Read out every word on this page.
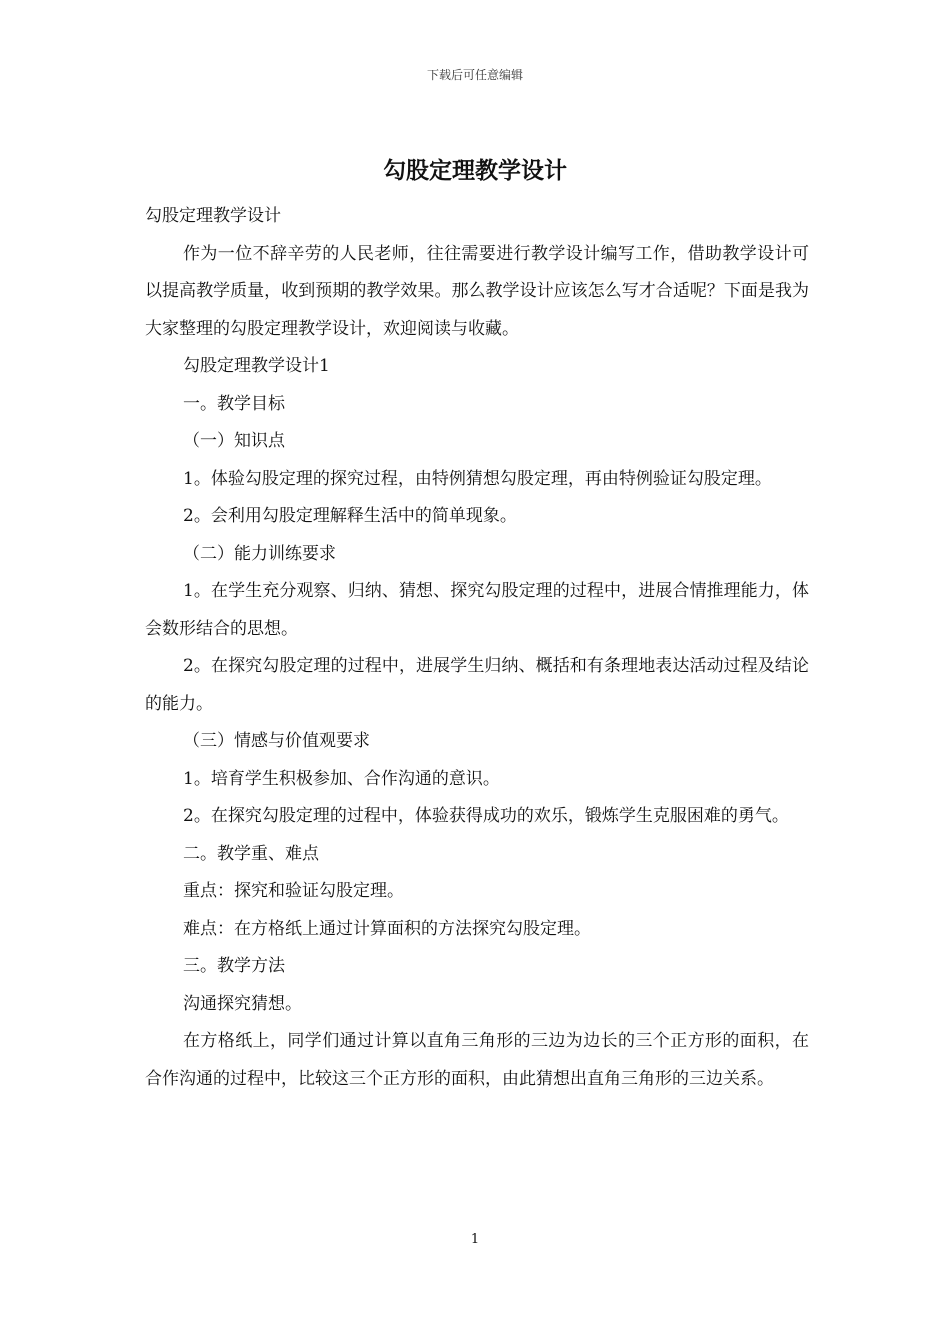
下载后可任意编辑
勾股定理教学设计

勾股定理教学设计

作为一位不辞辛劳的人民老师，往往需要进行教学设计编写工作，借助教学设计可以提高教学质量，收到预期的教学效果。那么教学设计应该怎么写才合适呢？下面是我为大家整理的勾股定理教学设计，欢迎阅读与收藏。

勾股定理教学设计1

一。教学目标

（一）知识点

1。体验勾股定理的探究过程，由特例猜想勾股定理，再由特例验证勾股定理。

2。会利用勾股定理解释生活中的简单现象。

（二）能力训练要求

1。在学生充分观察、归纳、猜想、探究勾股定理的过程中，进展合情推理能力，体会数形结合的思想。

2。在探究勾股定理的过程中，进展学生归纳、概括和有条理地表达活动过程及结论的能力。

（三）情感与价值观要求

1。培育学生积极参加、合作沟通的意识。

2。在探究勾股定理的过程中，体验获得成功的欢乐，锻炼学生克服困难的勇气。

二。教学重、难点

重点：探究和验证勾股定理。

难点：在方格纸上通过计算面积的方法探究勾股定理。

三。教学方法

沟通探究猜想。

在方格纸上，同学们通过计算以直角三角形的三边为边长的三个正方形的面积，在合作沟通的过程中，比较这三个正方形的面积，由此猜想出直角三角形的三边关系。

1
